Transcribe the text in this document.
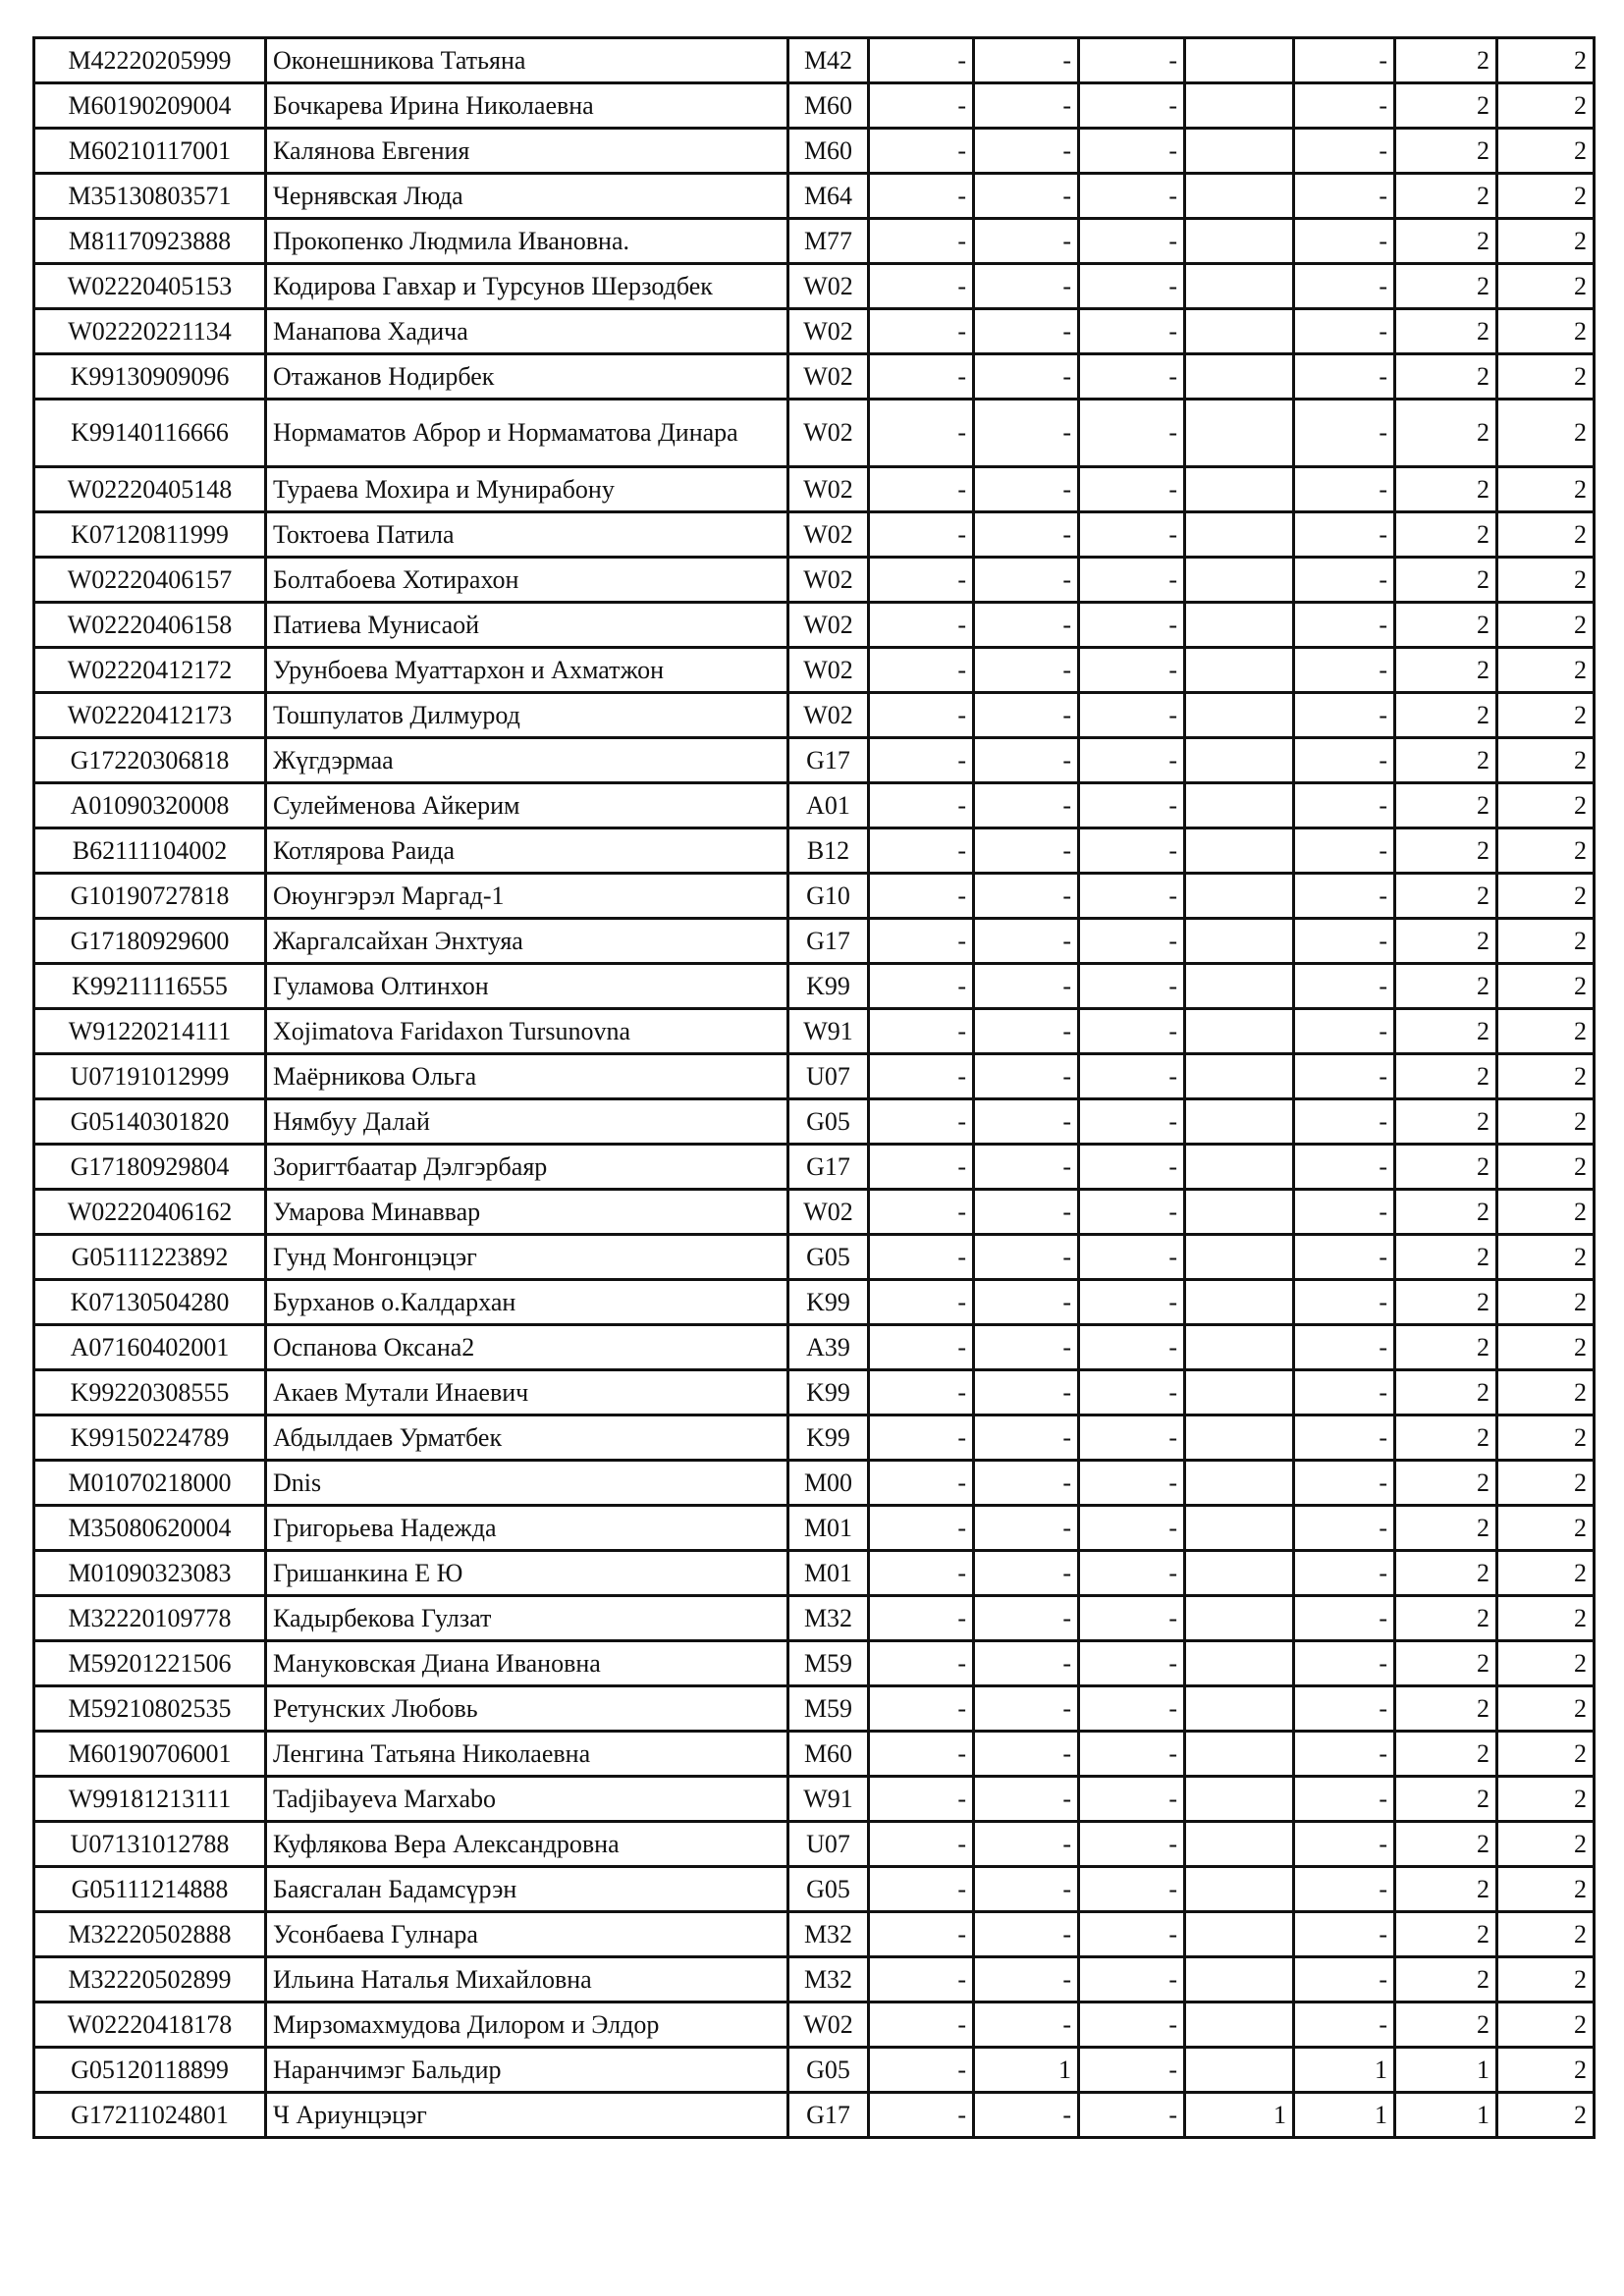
M42220205999	Оконешникова Татьяна	M42	-	-	-		-	2	2
M60190209004	Бочкарева Ирина Николаевна	M60	-	-	-		-	2	2
M60210117001	Калянова Евгения	M60	-	-	-		-	2	2
M35130803571	Чернявская Люда	M64	-	-	-		-	2	2
M81170923888	Прокопенко Людмила Ивановна.	M77	-	-	-		-	2	2
W02220405153	Кодирова Гавхар и Турсунов Шерзодбек	W02	-	-	-		-	2	2
W02220221134	Манапова Хадича	W02	-	-	-		-	2	2
K99130909096	Отажанов Нодирбек	W02	-	-	-		-	2	2
K99140116666	Нормаматов Аброр и Нормаматова Динара	W02	-	-	-		-	2	2
W02220405148	Тураева Мохира и Мунирабону	W02	-	-	-		-	2	2
K07120811999	Токтоева Патила	W02	-	-	-		-	2	2
W02220406157	Болтабоева Хотирахон	W02	-	-	-		-	2	2
W02220406158	Патиева Мунисаой	W02	-	-	-		-	2	2
W02220412172	Урунбоева Муаттархон и Ахматжон	W02	-	-	-		-	2	2
W02220412173	Тошпулатов Дилмурод	W02	-	-	-		-	2	2
G17220306818	Жүгдэрмаа	G17	-	-	-		-	2	2
A01090320008	Сулейменова Айкерим	A01	-	-	-		-	2	2
B62111104002	Котлярова Раида	B12	-	-	-		-	2	2
G10190727818	Оюунгэрэл Маргад-1	G10	-	-	-		-	2	2
G17180929600	Жаргалсайхан Энхтуяа	G17	-	-	-		-	2	2
K99211116555	Гуламова Олтинхон	K99	-	-	-		-	2	2
W91220214111	Xojimatova Faridaxon Tursunovna	W91	-	-	-		-	2	2
U07191012999	Маёрникова Ольга	U07	-	-	-		-	2	2
G05140301820	Нямбуу Далай	G05	-	-	-		-	2	2
G17180929804	Зоригтбаатар Дэлгэрбаяр	G17	-	-	-		-	2	2
W02220406162	Умарова Минаввар	W02	-	-	-		-	2	2
G05111223892	Гунд Монгонцэцэг	G05	-	-	-		-	2	2
K07130504280	Бурханов о.Калдархан	K99	-	-	-		-	2	2
A07160402001	Оспанова Оксана2	A39	-	-	-		-	2	2
K99220308555	Акаев Мутали Инаевич	K99	-	-	-		-	2	2
K99150224789	Абдылдаев Урматбек	K99	-	-	-		-	2	2
M01070218000	Dnis	M00	-	-	-		-	2	2
M35080620004	Григорьева Надежда	M01	-	-	-		-	2	2
M01090323083	Гришанкина Е Ю	M01	-	-	-		-	2	2
M32220109778	Кадырбекова Гулзат	M32	-	-	-		-	2	2
M59201221506	Мануковская Диана Ивановна	M59	-	-	-		-	2	2
M59210802535	Ретунских Любовь	M59	-	-	-		-	2	2
M60190706001	Ленгина Татьяна Николаевна	M60	-	-	-		-	2	2
W99181213111	Tadjibayeva Marxabo	W91	-	-	-		-	2	2
U07131012788	Куфлякова Вера Александровна	U07	-	-	-		-	2	2
G05111214888	Баясгалан Бадамсүрэн	G05	-	-	-		-	2	2
M32220502888	Усонбаева Гулнара	M32	-	-	-		-	2	2
M32220502899	Ильина Наталья Михайловна	M32	-	-	-		-	2	2
W02220418178	Мирзомахмудова Дилором и Элдор	W02	-	-	-		-	2	2
G05120118899	Наранчимэг Бальдир	G05	-	1	-		1	1	2
G17211024801	Ч Ариунцэцэг	G17	-	-	-	1	1	1	2
